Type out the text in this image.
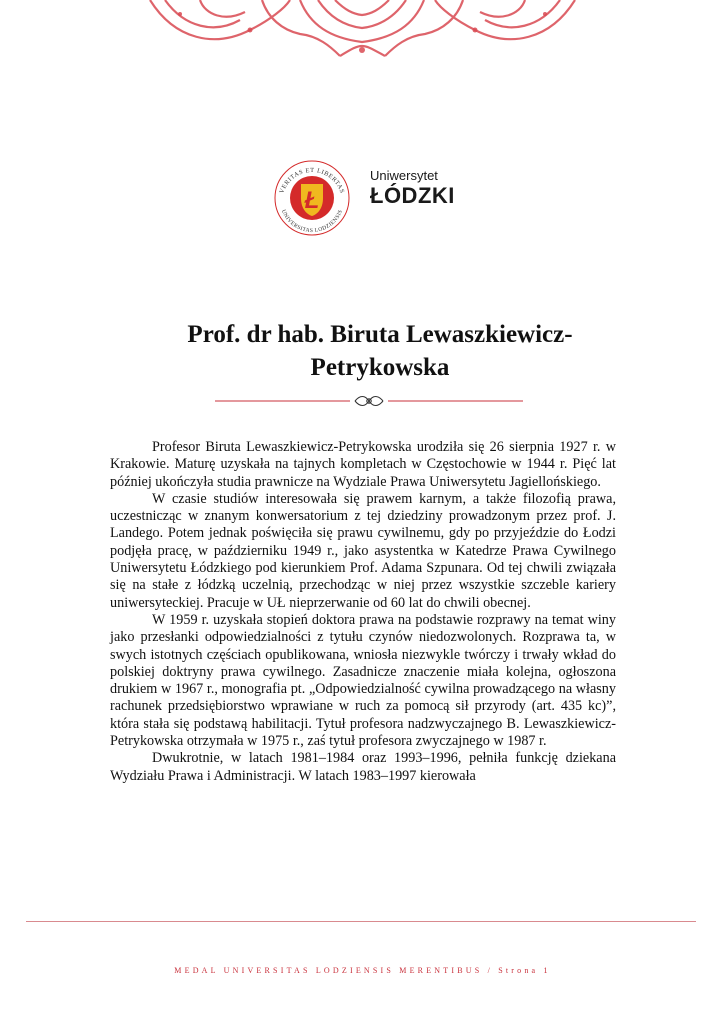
Ł
VERITAS ET LIBERTAS
UNIVERSITAS LODZIENSIS
Uniwersytet
ŁÓDZKI
Prof. dr hab. Biruta Lewaszkiewicz-
Petrykowska

Profesor Biruta Lewaszkiewicz-Petrykowska urodziła się 26 sierpnia 1927 r. w Krakowie. Maturę uzyskała na tajnych kompletach w Częstochowie w 1944 r. Pięć lat później ukończyła studia prawnicze na Wydziale Prawa Uniwersytetu Jagiellońskiego.

W czasie studiów interesowała się prawem karnym, a także filozofią prawa, uczestnicząc w znanym konwersatorium z tej dziedziny prowadzonym przez prof. J. Landego. Potem jednak poświęciła się prawu cywilnemu, gdy po przyjeździe do Łodzi podjęła pracę, w październiku 1949 r., jako asystentka w Katedrze Prawa Cywilnego Uniwersytetu Łódzkiego pod kierunkiem Prof. Adama Szpunara. Od tej chwili związała się na stałe z łódzką uczelnią, przechodząc w niej przez wszystkie szczeble kariery uniwersyteckiej. Pracuje w UŁ nieprzerwanie od 60 lat do chwili obecnej.

W 1959 r. uzyskała stopień doktora prawa na podstawie rozprawy na temat winy jako przesłanki odpowiedzialności z tytułu czynów niedozwolonych. Rozprawa ta, w swych istotnych częściach opublikowana, wniosła niezwykle twórczy i trwały wkład do polskiej doktryny prawa cywilnego. Zasadnicze znaczenie miała kolejna, ogłoszona drukiem w 1967 r., monografia pt. „Odpowiedzialność cywilna prowadzącego na własny rachunek przedsiębiorstwo wprawiane w ruch za pomocą sił przyrody (art. 435 kc)”, która stała się podstawą habilitacji. Tytuł profesora nadzwyczajnego B. Lewaszkiewicz-Petrykowska otrzymała w 1975 r., zaś tytuł profesora zwyczajnego w 1987 r.

Dwukrotnie, w latach 1981–1984 oraz 1993–1996, pełniła funkcję dziekana Wydziału Prawa i Administracji. W latach 1983–1997 kierowała

MEDAL UNIVERSITAS LODZIENSIS MERENTIBUS / Strona 1
